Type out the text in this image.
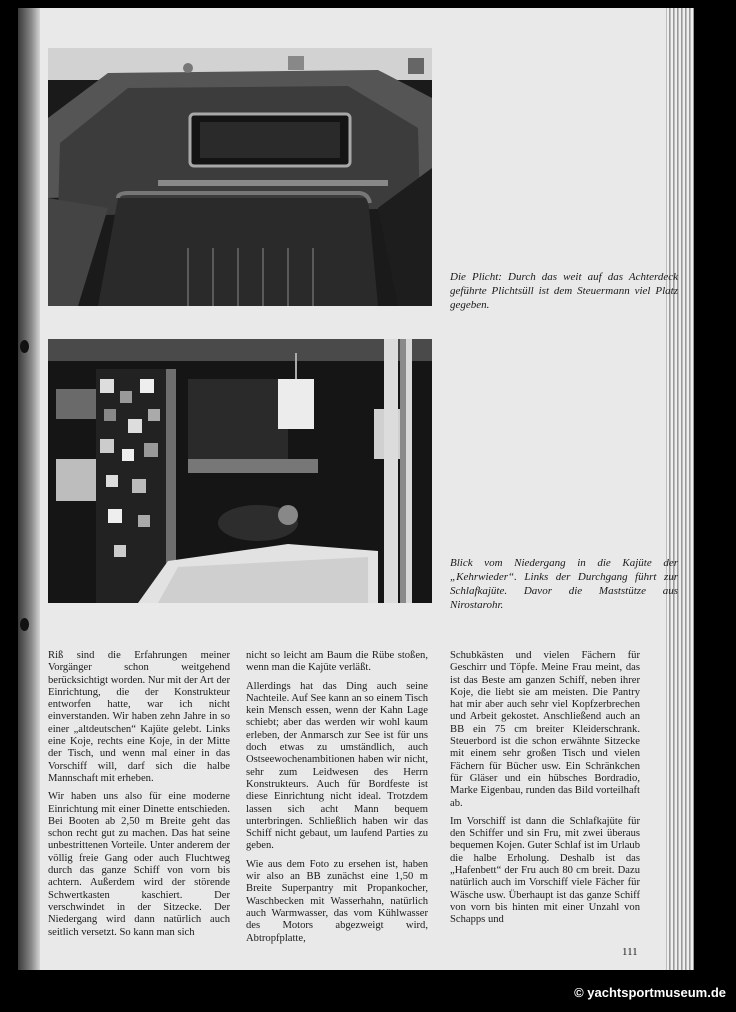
Die Plicht: Durch das weit auf das Achterdeck geführte Plichtsüll ist dem Steuermann viel Platz gegeben.
Blick vom Niedergang in die Kajüte der „Kehrwieder“. Links der Durchgang führt zur Schlafkajüte. Davor die Maststütze aus Nirostarohr.

Riß sind die Erfahrungen meiner Vorgänger schon weitgehend berücksichtigt worden. Nur mit der Art der Einrichtung, die der Konstrukteur entworfen hatte, war ich nicht einverstanden. Wir haben zehn Jahre in so einer „altdeutschen“ Kajüte gelebt. Links eine Koje, rechts eine Koje, in der Mitte der Tisch, und wenn mal einer in das Vorschiff will, darf sich die halbe Mannschaft mit erheben.

Wir haben uns also für eine moderne Einrichtung mit einer Dinette entschieden. Bei Booten ab 2,50 m Breite geht das schon recht gut zu machen. Das hat seine unbestrittenen Vorteile. Unter anderem der völlig freie Gang oder auch Fluchtweg durch das ganze Schiff von vorn bis achtern. Außerdem wird der störende Schwertkasten kaschiert. Der verschwindet in der Sitzecke. Der Niedergang wird dann natürlich auch seitlich versetzt. So kann man sich

nicht so leicht am Baum die Rübe stoßen, wenn man die Kajüte verläßt.

Allerdings hat das Ding auch seine Nachteile. Auf See kann an so einem Tisch kein Mensch essen, wenn der Kahn Lage schiebt; aber das werden wir wohl kaum erleben, der Anmarsch zur See ist für uns doch etwas zu umständlich, auch Ostseewochenambitionen haben wir nicht, sehr zum Leidwesen des Herrn Konstrukteurs. Auch für Bordfeste ist diese Einrichtung nicht ideal. Trotzdem lassen sich acht Mann bequem unterbringen. Schließlich haben wir das Schiff nicht gebaut, um laufend Parties zu geben.

Wie aus dem Foto zu ersehen ist, haben wir also an BB zunächst eine 1,50 m Breite Superpantry mit Propankocher, Waschbecken mit Wasserhahn, natürlich auch Warmwasser, das vom Kühlwasser des Motors abgezweigt wird, Abtropfplatte,

Schubkästen und vielen Fächern für Geschirr und Töpfe. Meine Frau meint, das ist das Beste am ganzen Schiff, neben ihrer Koje, die liebt sie am meisten. Die Pantry hat mir aber auch sehr viel Kopfzerbrechen und Arbeit gekostet. Anschließend auch an BB ein 75 cm breiter Kleiderschrank. Steuerbord ist die schon erwähnte Sitzecke mit einem sehr großen Tisch und vielen Fächern für Bücher usw. Ein Schränkchen für Gläser und ein hübsches Bordradio, Marke Eigenbau, runden das Bild vorteilhaft ab.

Im Vorschiff ist dann die Schlafkajüte für den Schiffer und sin Fru, mit zwei überaus bequemen Kojen. Guter Schlaf ist im Urlaub die halbe Erholung. Deshalb ist das „Hafenbett“ der Fru auch 80 cm breit. Dazu natürlich auch im Vorschiff viele Fächer für Wäsche usw. Überhaupt ist das ganze Schiff von vorn bis hinten mit einer Unzahl von Schapps und

111
© yachtsportmuseum.de
